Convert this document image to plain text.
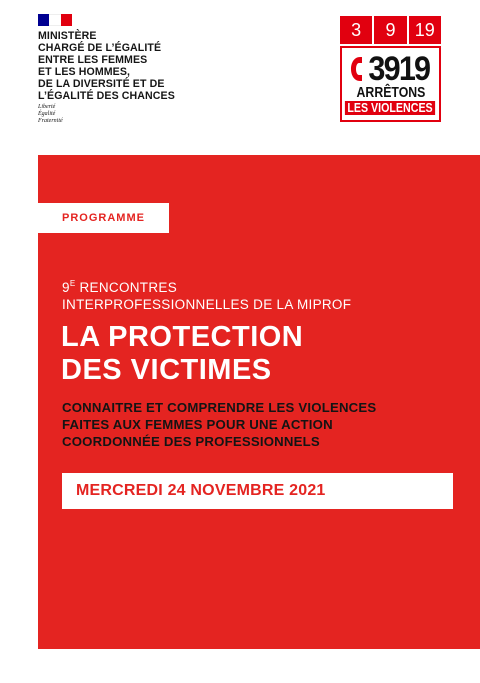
MINISTÈRE
CHARGÉ DE L’ÉGALITÉ
ENTRE LES FEMMES
ET LES HOMMES,
DE LA DIVERSITÉ ET DE
L’ÉGALITÉ DES CHANCES
Liberté
Égalité
Fraternité
3	9	19
3919
ARRÊTONS
LES VIOLENCES
PROGRAMME
$9^E$ RENCONTRES
INTERPROFESSIONNELLES DE LA MIPROF
LA PROTECTION
DES VICTIMES
CONNAITRE ET COMPRENDRE LES VIOLENCES
FAITES AUX FEMMES POUR UNE ACTION
COORDONNÉE DES PROFESSIONNELS
MERCREDI 24 NOVEMBRE 2021
